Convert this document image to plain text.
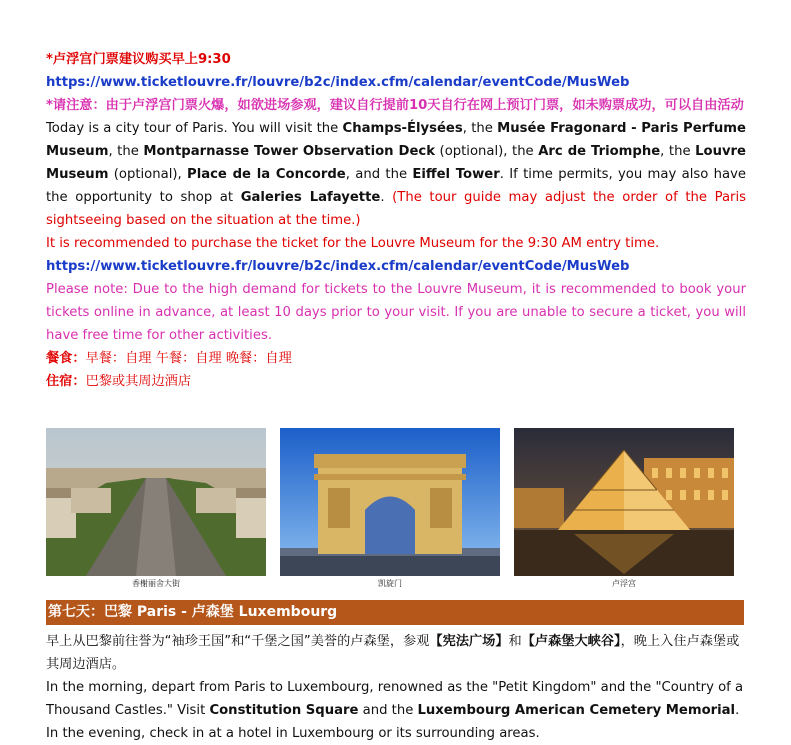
*卢浮宫门票建议购买早上9:30

https://www.ticketlouvre.fr/louvre/b2c/index.cfm/calendar/eventCode/MusWeb

*请注意：由于卢浮宫门票火爆，如欲进场参观，建议自行提前10天自行在网上预订门票，如未购票成功，可以自由活动

Today is a city tour of Paris. You will visit the Champs-Élysées, the Musée Fragonard - Paris Perfume Museum, the Montparnasse Tower Observation Deck (optional), the Arc de Triomphe, the Louvre Museum (optional), Place de la Concorde, and the Eiffel Tower. If time permits, you may also have the opportunity to shop at Galeries Lafayette. (The tour guide may adjust the order of the Paris sightseeing based on the situation at the time.)

It is recommended to purchase the ticket for the Louvre Museum for the 9:30 AM entry time.

https://www.ticketlouvre.fr/louvre/b2c/index.cfm/calendar/eventCode/MusWeb

Please note: Due to the high demand for tickets to the Louvre Museum, it is recommended to book your tickets online in advance, at least 10 days prior to your visit. If you are unable to secure a ticket, you will have free time for other activities.

餐食：早餐：自理 午餐：自理 晚餐：自理

住宿：巴黎或其周边酒店

香榭丽舍大街	凯旋门	卢浮宫
第七天：巴黎 Paris - 卢森堡 Luxembourg

早上从巴黎前往誉为“袖珍王国”和“千堡之国”美誉的卢森堡，参观【宪法广场】和【卢森堡大峡谷】，晚上入住卢森堡或其周边酒店。

In the morning, depart from Paris to Luxembourg, renowned as the "Petit Kingdom" and the "Country of a Thousand Castles." Visit Constitution Square and the Luxembourg American Cemetery Memorial. In the evening, check in at a hotel in Luxembourg or its surrounding areas.
